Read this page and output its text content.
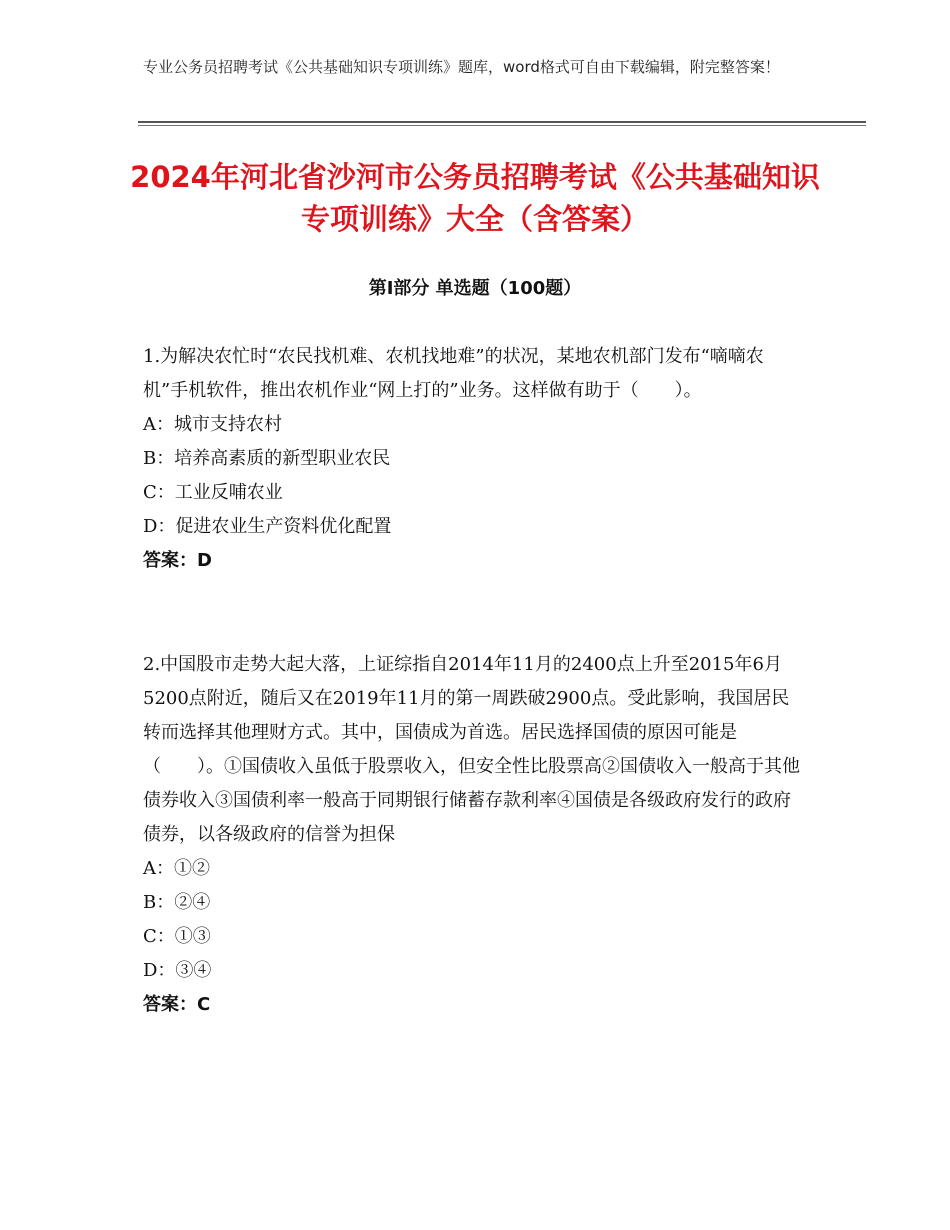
专业公务员招聘考试《公共基础知识专项训练》题库，word格式可自由下载编辑，附完整答案！
2024年河北省沙河市公务员招聘考试《公共基础知识专项训练》大全（含答案）
第Ⅰ部分 单选题（100题）

1.为解决农忙时“农民找机难、农机找地难”的状况，某地农机部门发布“嘀嘀农机”手机软件，推出农机作业“网上打的”业务。这样做有助于（　　）。

A：城市支持农村

B：培养高素质的新型职业农民

C：工业反哺农业

D：促进农业生产资料优化配置

答案：D

2.中国股市走势大起大落，上证综指自2014年11月的2400点上升至2015年6月5200点附近，随后又在2019年11月的第一周跌破2900点。受此影响，我国居民转而选择其他理财方式。其中，国债成为首选。居民选择国债的原因可能是（　　）。①国债收入虽低于股票收入，但安全性比股票高②国债收入一般高于其他债券收入③国债利率一般高于同期银行储蓄存款利率④国债是各级政府发行的政府债券，以各级政府的信誉为担保

A：①②

B：②④

C：①③

D：③④

答案：C
